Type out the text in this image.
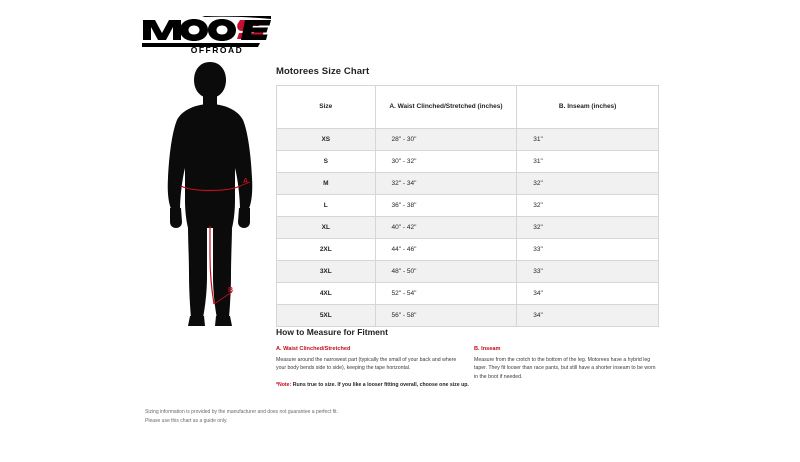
OFFROAD
A
B
Motorees Size Chart
Size	A. Waist Clinched/Stretched (inches)	B. Inseam (inches)
XS	28" - 30"	31"
S	30" - 32"	31"
M	32" - 34"	32"
L	36" - 38"	32"
XL	40" - 42"	32"
2XL	44" - 46"	33"
3XL	48" - 50"	33"
4XL	52" - 54"	34"
5XL	56" - 58"	34"
How to Measure for Fitment
A. Waist Clinched/Stretched
Measure around the narrowest part (typically the small of your back and where your body bends side to side), keeping the tape horizontal.
B. Inseam
Measure from the crotch to the bottom of the leg. Motorees have a hybrid leg taper. They fit looser than race pants, but still have a shorter inseam to be worn in the boot if needed.
*Note: Runs true to size. If you like a looser fitting overall, choose one size up.
Sizing information is provided by the manufacturer and does not guarantee a perfect fit.
Please use this chart as a guide only.
